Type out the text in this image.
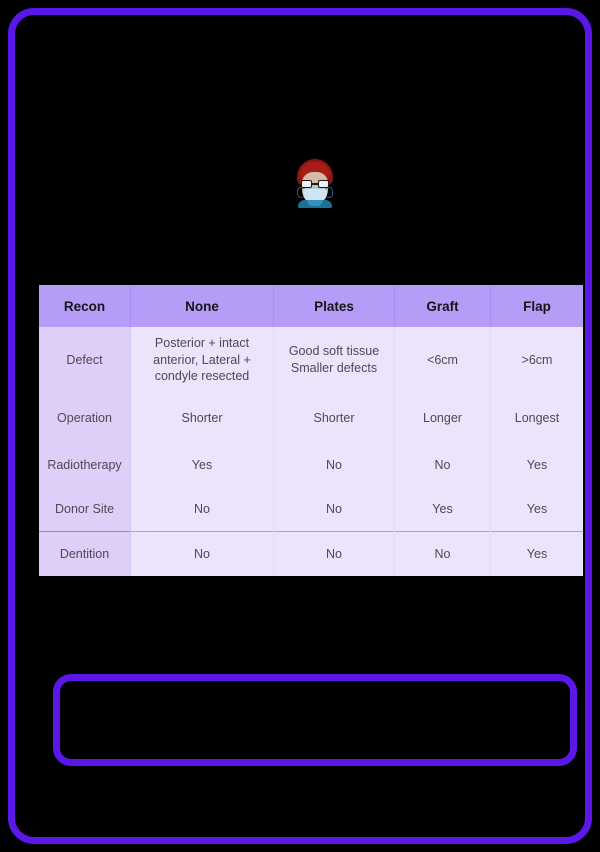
Recon	None	Plates	Graft	Flap
Defect	Posterior + intact anterior, Lateral + condyle resected	Good soft tissue Smaller defects	<6cm	>6cm
Operation	Shorter	Shorter	Longer	Longest
Radiotherapy	Yes	No	No	Yes
Donor Site	No	No	Yes	Yes
Dentition	No	No	No	Yes
